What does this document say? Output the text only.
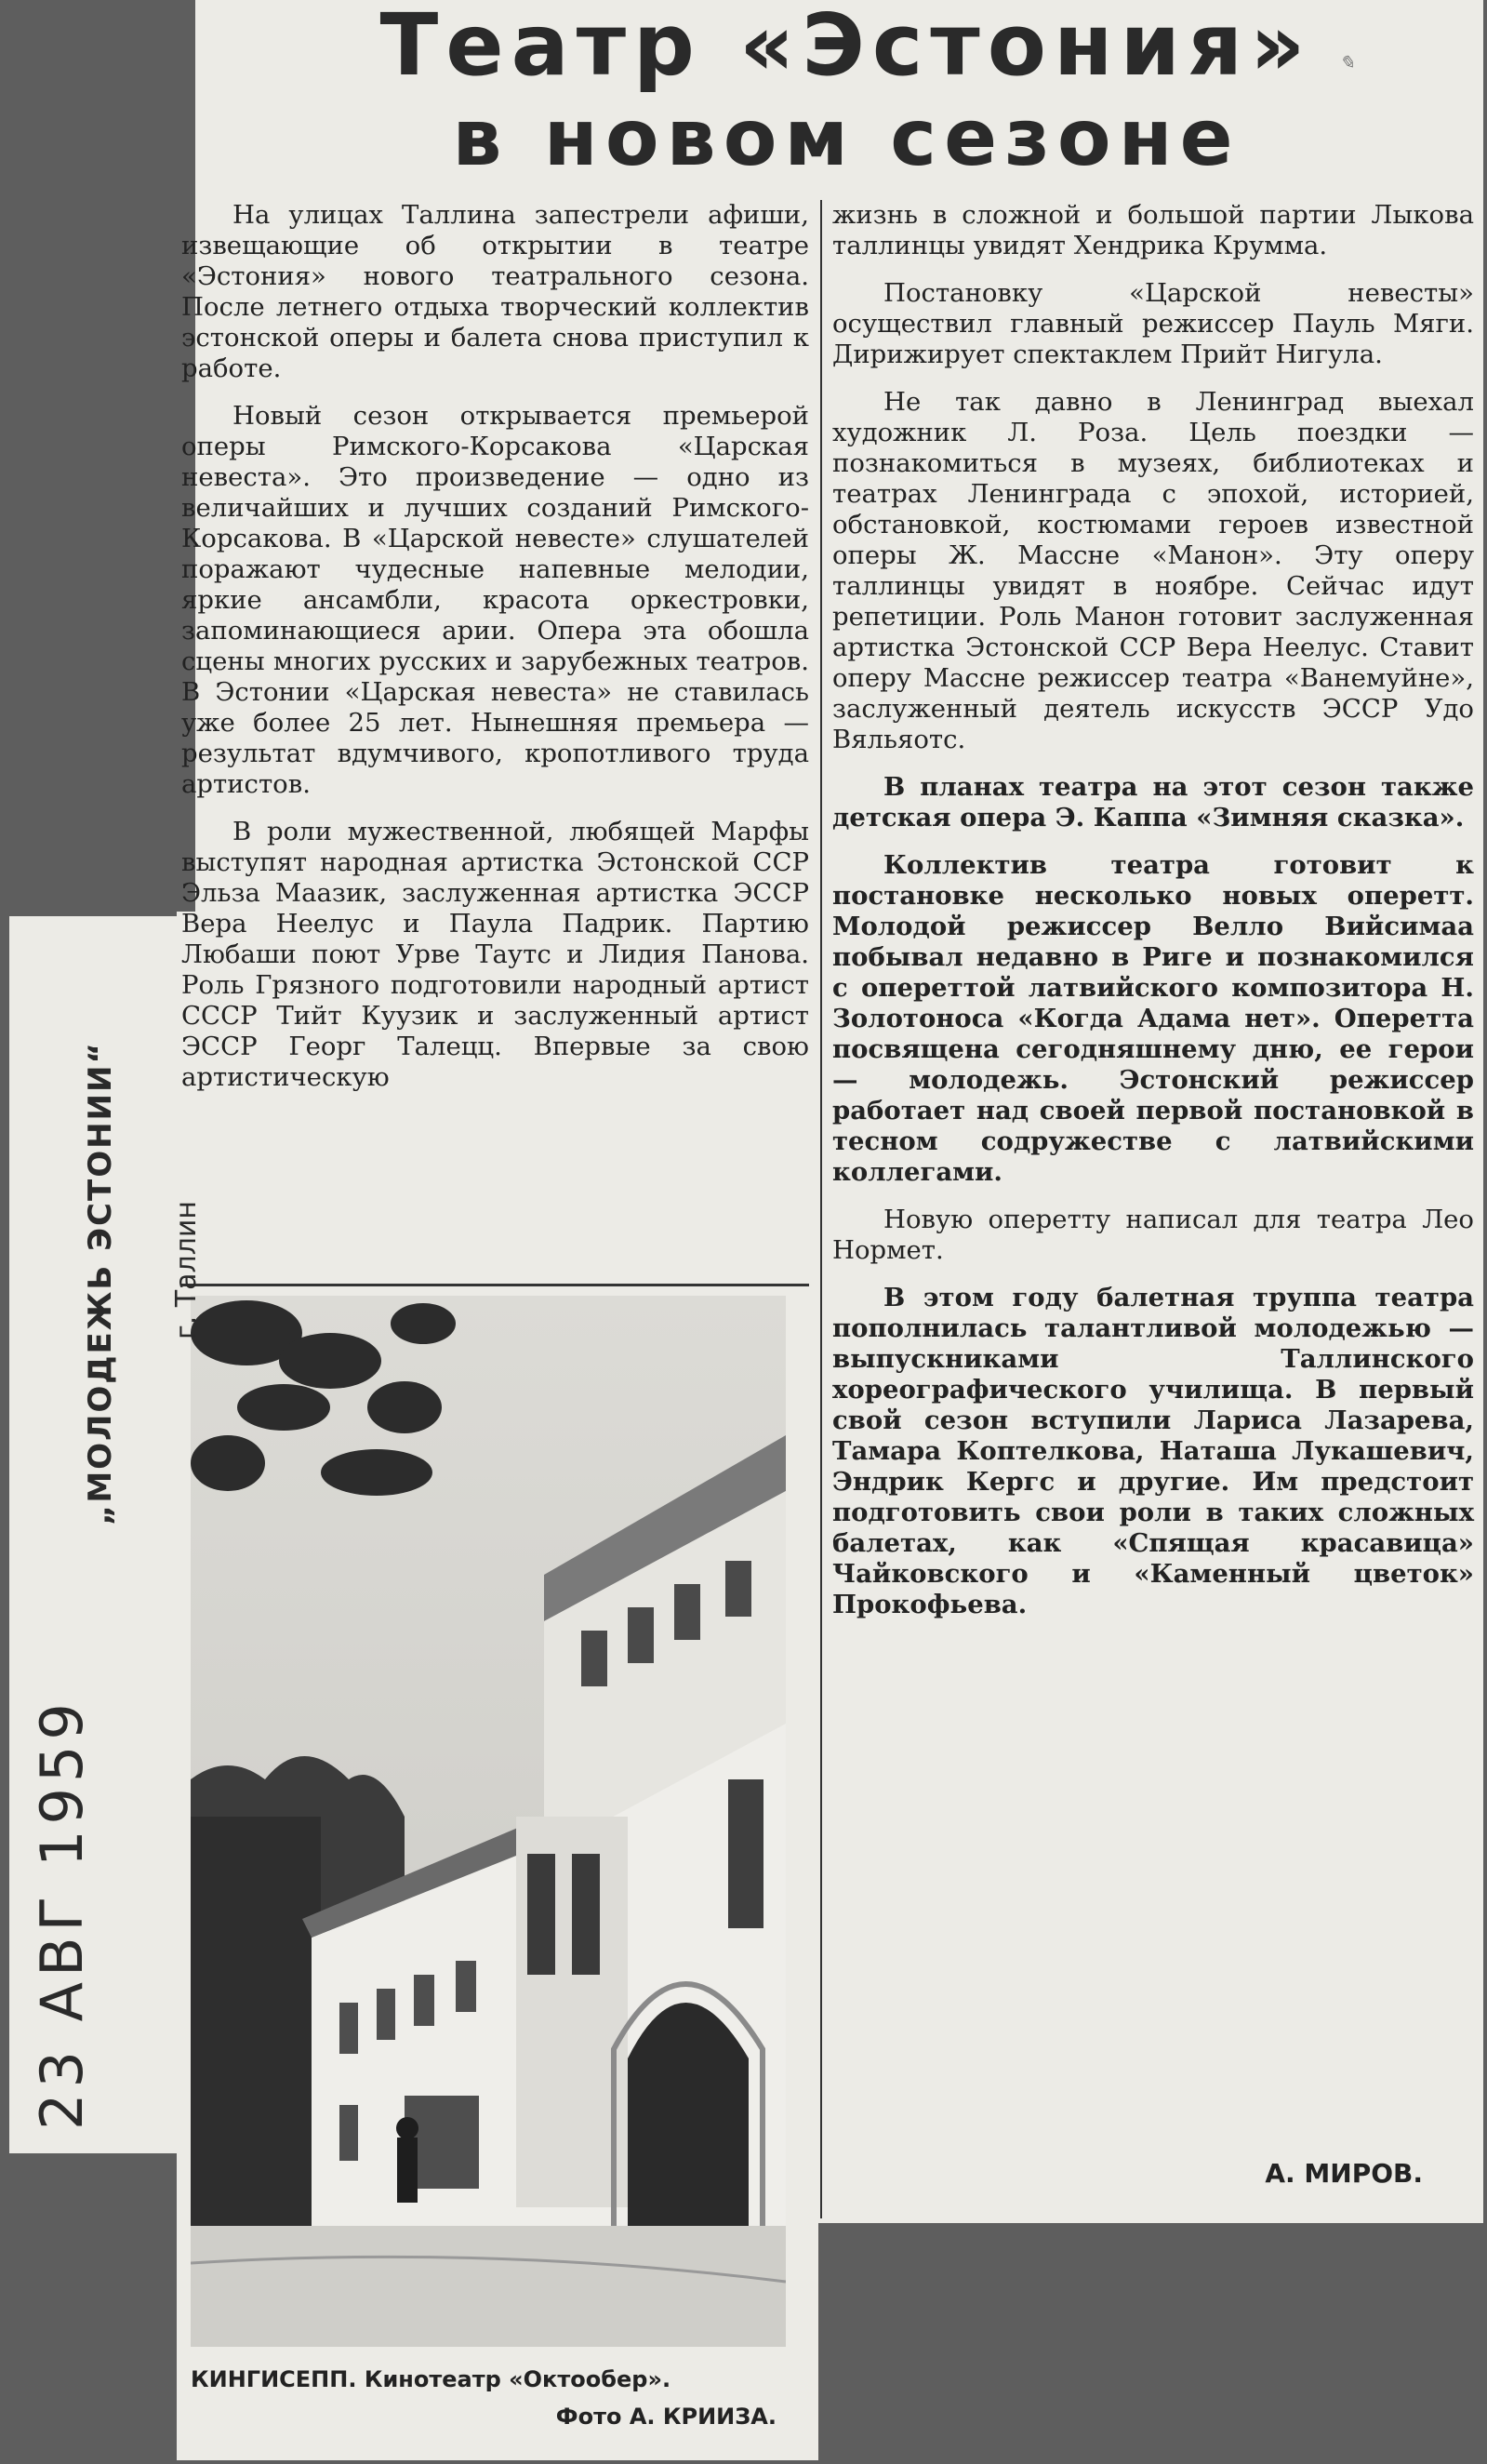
Театр «Эстония»
в новом сезоне
✎

На улицах Таллина запестрели афиши, извещающие об открытии в театре «Эстония» нового театрального сезона. После летнего отдыха творческий коллектив эстонской оперы и балета снова приступил к работе.

Новый сезон открывается премьерой оперы Римского-Корсакова «Царская невеста». Это произведение — одно из величайших и лучших созданий Римского-Корсакова. В «Царской невесте» слушателей поражают чудесные напевные мелодии, яркие ансамбли, красота оркестровки, запоминающиеся арии. Опера эта обошла сцены многих русских и зарубежных театров. В Эстонии «Царская невеста» не ставилась уже более 25 лет. Нынешняя премьера — результат вдумчивого, кропотливого труда артистов.

В роли мужественной, любящей Марфы выступят народная артистка Эстонской ССР Эльза Маазик, заслуженная артистка ЭССР Вера Неелус и Паула Падрик. Партию Любаши поют Урве Таутс и Лидия Панова. Роль Грязного подготовили народный артист СССР Тийт Куузик и заслуженный артист ЭССР Георг Талецц. Впервые за свою артистическую

жизнь в сложной и большой партии Лыкова таллинцы увидят Хендрика Крумма.

Постановку «Царской невесты» осуществил главный режиссер Пауль Мяги. Дирижирует спектаклем Прийт Нигула.

Не так давно в Ленинград выехал художник Л. Роза. Цель поездки — познакомиться в музеях, библиотеках и театрах Ленинграда с эпохой, историей, обстановкой, костюмами героев известной оперы Ж. Массне «Манон». Эту оперу таллинцы увидят в ноябре. Сейчас идут репетиции. Роль Манон готовит заслуженная артистка Эстонской ССР Вера Неелус. Ставит оперу Массне режиссер театра «Ванемуйне», заслуженный деятель искусств ЭССР Удо Вяльяотс.

В планах театра на этот сезон также детская опера Э. Каппа «Зимняя сказка».

Коллектив театра готовит к постановке несколько новых оперетт. Молодой режиссер Велло Вийсимаа побывал недавно в Риге и познакомился с опереттой латвийского композитора Н. Золотоноса «Когда Адама нет». Оперетта посвящена сегодняшнему дню, ее герои — молодежь. Эстонский режиссер работает над своей первой постановкой в тесном содружестве с латвийскими коллегами.

Новую оперетту написал для театра Лео Нормет.

В этом году балетная труппа театра пополнилась талантливой молодежью — выпускниками Таллинского хореографического училища. В первый свой сезон вступили Лариса Лазарева, Тамара Коптелкова, Наташа Лукашевич, Эндрик Кергс и другие. Им предстоит подготовить свои роли в таких сложных балетах, как «Спящая красавица» Чайковского и «Каменный цветок» Прокофьева.

А. МИРОВ.
КИНГИСЕПП. Кинотеатр «Октообер».
Фото А. КРИИЗА.
„МОЛОДЕЖЬ ЭСТОНИИ“ г. Таллин
23 АВГ 1959
